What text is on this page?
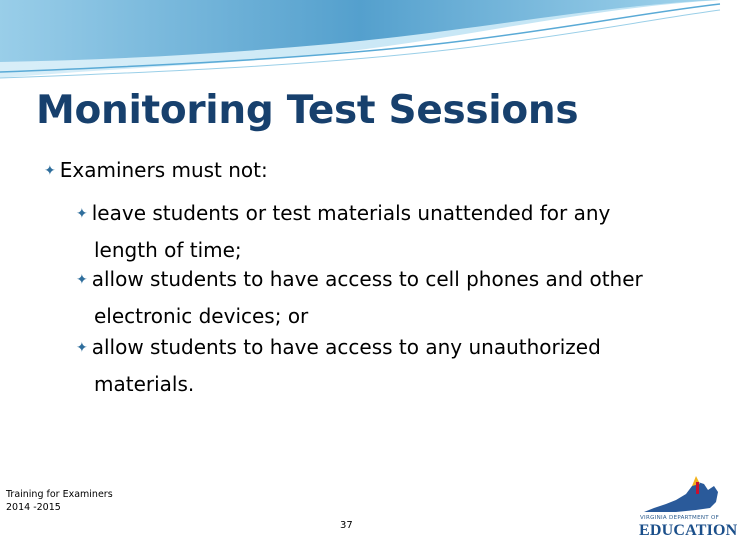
Monitoring Test Sessions
✦ Examiners must not:
✦ leave students or test materials unattended for any length of time;
✦ allow students to have access to cell phones and other electronic devices; or
✦ allow students to have access to any unauthorized materials.
Training for Examiners 2014 -2015
37
VIRGINIA DEPARTMENT OF
EDUCATION
